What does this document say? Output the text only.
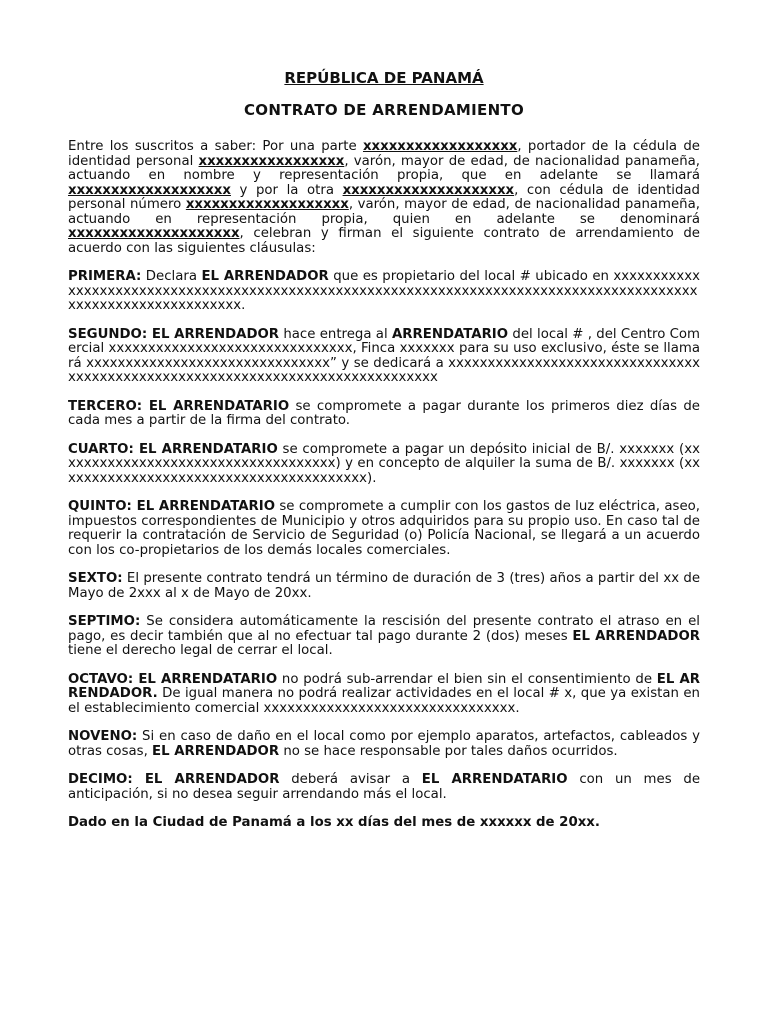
REPÚBLICA DE PANAMÁ
CONTRATO DE ARRENDAMIENTO

Entre los suscritos a saber: Por una parte xxxxxxxxxxxxxxxxxx, portador de la cédula de identidad personal xxxxxxxxxxxxxxxxx, varón, mayor de edad, de nacionalidad panameña, actuando en nombre y representación propia, que en adelante se llamará xxxxxxxxxxxxxxxxxxx y por la otra xxxxxxxxxxxxxxxxxxxx, con cédula de identidad personal número xxxxxxxxxxxxxxxxxxx, varón, mayor de edad, de nacionalidad panameña, actuando en representación propia, quien en adelante se denominará xxxxxxxxxxxxxxxxxxxx, celebran y firman el siguiente contrato de arrendamiento de acuerdo con las siguientes cláusulas:

PRIMERA: Declara EL ARRENDADOR que es propietario del local # ubicado en xxxxxxxxxxxxxxxxxxxxxxxxxxxxxxxxxxxxxxxxxxxxxxxxxxxxxxxxxxxxxxxxxxxxxxxxxxxxxxxxxxxxxxxxxxxxxxxxxxxxxxxxxxxxxxxxx.

SEGUNDO: EL ARRENDADOR hace entrega al ARRENDATARIO del local # , del Centro Comercial xxxxxxxxxxxxxxxxxxxxxxxxxxxxxxx, Finca xxxxxxx para su uso exclusivo, éste se llamará xxxxxxxxxxxxxxxxxxxxxxxxxxxxxxx” y se dedicará a xxxxxxxxxxxxxxxxxxxxxxxxxxxxxxxxxxxxxxxxxxxxxxxxxxxxxxxxxxxxxxxxxxxxxxxxxxxxxxx

TERCERO: EL ARRENDATARIO se compromete a pagar durante los primeros diez días de cada mes a partir de la firma del contrato.

CUARTO: EL ARRENDATARIO se compromete a pagar un depósito inicial de B/. xxxxxxx (xxxxxxxxxxxxxxxxxxxxxxxxxxxxxxxxxxxx) y en concepto de alquiler la suma de B/. xxxxxxx (xxxxxxxxxxxxxxxxxxxxxxxxxxxxxxxxxxxxxxxx).

QUINTO: EL ARRENDATARIO se compromete a cumplir con los gastos de luz eléctrica, aseo, impuestos correspondientes de Municipio y otros adquiridos para su propio uso. En caso tal de requerir la contratación de Servicio de Seguridad (o) Policía Nacional, se llegará a un acuerdo con los co-propietarios de los demás locales comerciales.

SEXTO: El presente contrato tendrá un término de duración de 3 (tres) años a partir del xx de Mayo de 2xxx al x de Mayo de 20xx.

SEPTIMO: Se considera automáticamente la rescisión del presente contrato el atraso en el pago, es decir también que al no efectuar tal pago durante 2 (dos) meses EL ARRENDADOR tiene el derecho legal de cerrar el local.

OCTAVO: EL ARRENDATARIO no podrá sub-arrendar el bien sin el consentimiento de EL ARRENDADOR. De igual manera no podrá realizar actividades en el local # x, que ya existan en el establecimiento comercial xxxxxxxxxxxxxxxxxxxxxxxxxxxxxxxx.

NOVENO: Si en caso de daño en el local como por ejemplo aparatos, artefactos, cableados y otras cosas, EL ARRENDADOR no se hace responsable por tales daños ocurridos.

DECIMO: EL ARRENDADOR deberá avisar a EL ARRENDATARIO con un mes de anticipación, si no desea seguir arrendando más el local.

Dado en la Ciudad de Panamá a los xx días del mes de xxxxxx de 20xx.
